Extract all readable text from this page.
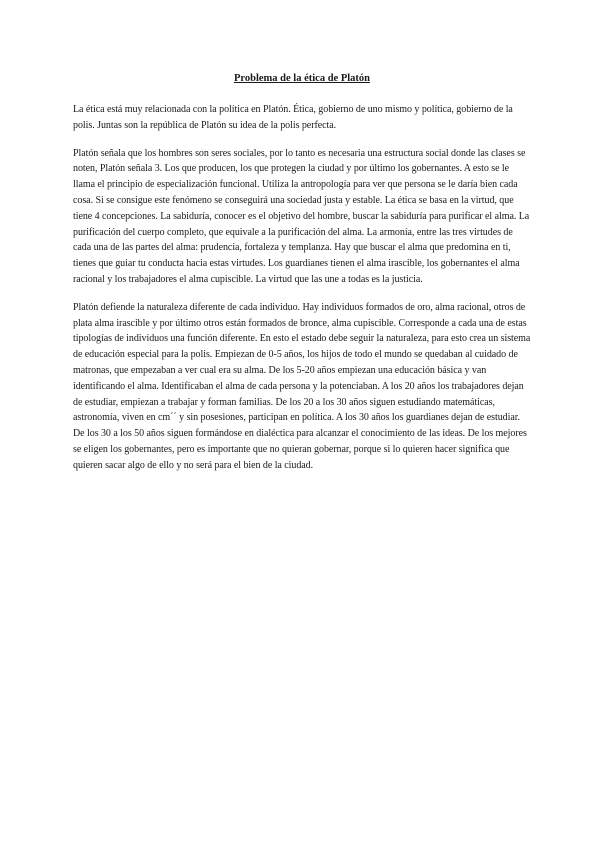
Problema de la ética de Platón

La ética está muy relacionada con la política en Platón. Ética, gobierno de uno mismo y política, gobierno de la polis. Juntas son la república de Platón su idea de la polis perfecta.

Platón señala que los hombres son seres sociales, por lo tanto es necesaria una estructura social donde las clases se noten, Platón señala 3. Los que producen, los que protegen la ciudad y por último los gobernantes. A esto se le llama el principio de especialización funcional. Utiliza la antropología para ver que persona se le daría bien cada cosa. Si se consigue este fenómeno se conseguirá una sociedad justa y estable. La ética se basa en la virtud, que tiene 4 concepciones. La sabiduría, conocer es el objetivo del hombre, buscar la sabiduría para purificar el alma. La purificación del cuerpo completo, que equivale a la purificación del alma. La armonía, entre las tres virtudes de cada una de las partes del alma: prudencia, fortaleza y templanza. Hay que buscar el alma que predomina en ti, tienes que guiar tu conducta hacia estas virtudes. Los guardianes tienen el alma irascible, los gobernantes el alma racional y los trabajadores el alma cupiscible. La virtud que las une a todas es la justicia.

Platón defiende la naturaleza diferente de cada individuo. Hay individuos formados de oro, alma racional, otros de plata alma irascible y por último otros están formados de bronce, alma cupiscible. Corresponde a cada una de estas tipologías de individuos una función diferente. En esto el estado debe seguir la naturaleza, para esto crea un sistema de educación especial para la polis. Empiezan de 0-5 años, los hijos de todo el mundo se quedaban al cuidado de matronas, que empezaban a ver cual era su alma. De los 5-20 años empiezan una educación básica y van identificando el alma. Identificaban el alma de cada persona y la potenciaban. A los 20 años los trabajadores dejan de estudiar, empiezan a trabajar y forman familias. De los 20 a los 30 años siguen estudiando matemáticas, astronomía, viven en cm´´ y sin posesiones, participan en política. A los 30 años los guardianes dejan de estudiar. De los 30 a los 50 años siguen formándose en dialéctica para alcanzar el conocimiento de las ideas. De los mejores se eligen los gobernantes, pero es importante que no quieran gobernar, porque si lo quieren hacer significa que quieren sacar algo de ello y no será para el bien de la ciudad.
